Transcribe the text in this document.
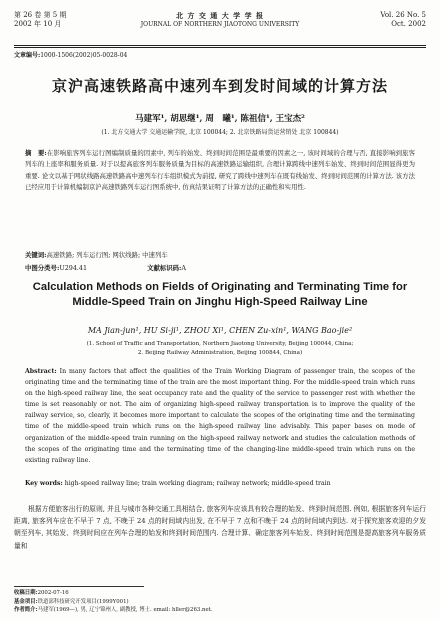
第 26 卷 第 5 期
2002 年 10 月
北 方 交 通 大 学 学 报
JOURNAL OF NORTHERN JIAOTONG UNIVERSITY
Vol. 26 No. 5
Oct. 2002
文章编号:1000-1506(2002)05-0028-04
京沪高速铁路高中速列车到发时间域的计算方法
马建军¹, 胡思继¹, 周　曦¹, 陈祖信¹, 王宝杰²
(1. 北方交通大学 交通运输学院, 北京 100044; 2. 北京铁路局货运营销处 北京 100844)
摘　要:在影响旅客列车运行图编制质量的因素中, 列车的始发、终到时间范围是最重要的因素之一, 该时间域的合理与否, 直接影响到旅客列车的上座率和服务质量. 对于以提高旅客列车服务质量为目标的高速铁路运输组织, 合理计算跨线中速列车始发、终到时间范围显得更为重要. 论文以基于网状线路高速铁路高中速列车行车组织模式为前提, 研究了跨线中速列车在既有线始发、终到时间范围的计算方法. 该方法已经应用于计算机编制京沪高速铁路列车运行图系统中, 仿真结果证明了计算方法的正确性和实用性.
关键词:高速铁路; 列车运行图; 网状线路; 中速列车
中图分类号:U294.41	文献标识码:A
Calculation Methods on Fields of Originating and Terminating Time for Middle-Speed Train on Jinghu High-Speed Railway Line
MA Jian-jun¹, HU Si-ji¹, ZHOU Xi¹, CHEN Zu-xin¹, WANG Bao-jie²
(1. School of Traffic and Transportation, Northern Jiaotong University, Beijing 100044, China;
2. Beijing Railway Administration, Beijing 100844, China)
Abstract: In many factors that affect the qualities of the Train Working Diagram of passenger train, the scopes of the originating time and the terminating time of the train are the most important thing. For the middle-speed train which runs on the high-speed railway line, the seat occupancy rate and the quality of the service to passenger rest with whether the time is set reasonably or not. The aim of organizing high-speed railway transportation is to improve the quality of the railway service, so, clearly, it becomes more important to calculate the scopes of the originating time and the terminating time of the middle-speed train which runs on the high-speed railway line advisably. This paper bases on mode of organization of the middle-speed train running on the high-speed railway network and studies the calculation methods of the scopes of the originating time and the terminating time of the changing-line middle-speed train which runs on the existing railway line.
Key words: high-speed railway line; train working diagram; railway network; middle-speed train
根据方便旅客出行的原则, 并且与城市各种交通工具相结合, 旅客列车应该具有较合理的始发、终到时间范围. 例如, 根据旅客列车运行距离, 旅客列车应在不早于 7 点, 不晚于 24 点的时间域内出发, 在不早于 7 点和不晚于 24 点的时间域内到达. 对于探究旅客欢迎的夕发朝至列车, 其始发、终到时间应在列车合理的始发和终到时间范围内. 合理计算、确定旅客列车始发、终到时间范围是提高旅客列车服务质量和
收稿日期:2002-07-16
基金项目:铁道部科技研究开发项目(1999Y001)
作者简介:马建军(1969—), 男, 辽宁锦州人, 副教授, 博士. email: hller@263.net.
